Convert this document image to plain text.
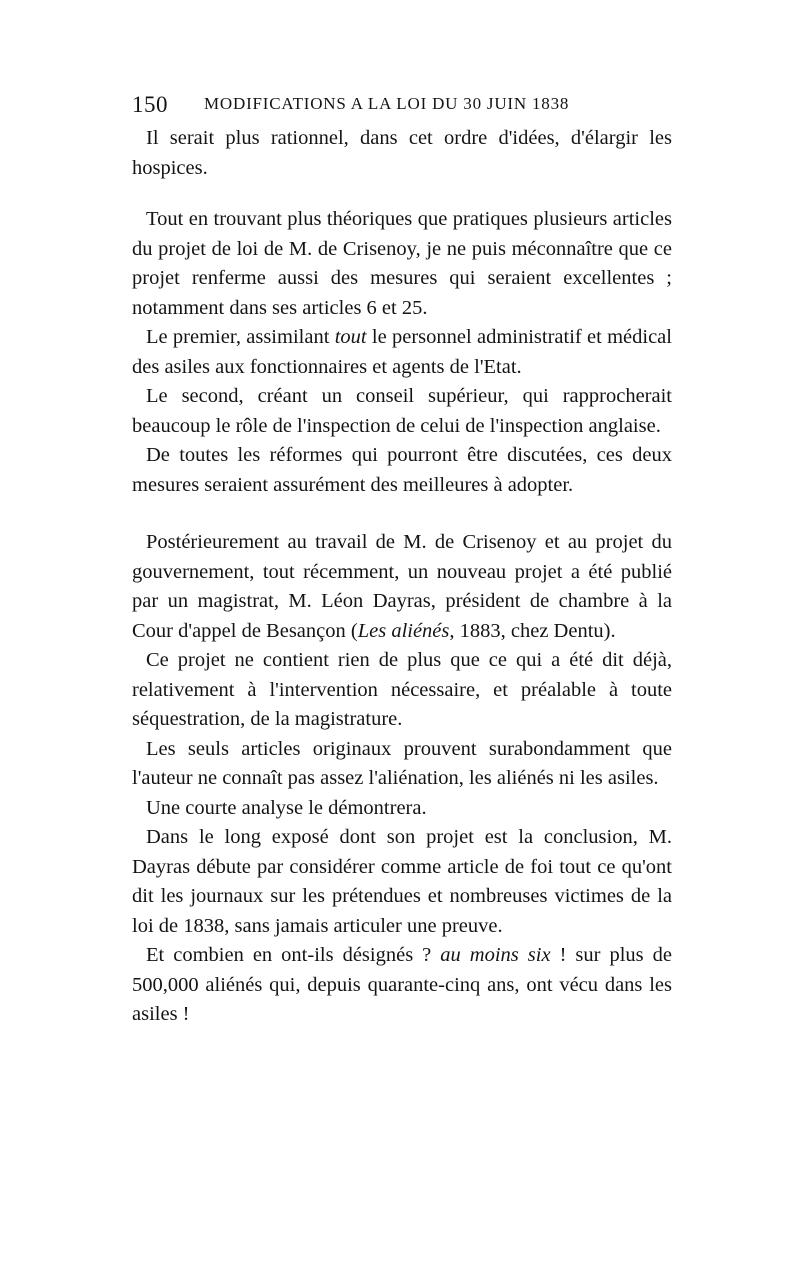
150 MODIFICATIONS A LA LOI DU 30 JUIN 1838

Il serait plus rationnel, dans cet ordre d'idées, d'élargir les hospices.

Tout en trouvant plus théoriques que pratiques plusieurs articles du projet de loi de M. de Crisenoy, je ne puis méconnaître que ce projet renferme aussi des mesures qui seraient excellentes ; notamment dans ses articles 6 et 25.

Le premier, assimilant tout le personnel administratif et médical des asiles aux fonctionnaires et agents de l'Etat.

Le second, créant un conseil supérieur, qui rapprocherait beaucoup le rôle de l'inspection de celui de l'inspection anglaise.

De toutes les réformes qui pourront être discutées, ces deux mesures seraient assurément des meilleures à adopter.

Postérieurement au travail de M. de Crisenoy et au projet du gouvernement, tout récemment, un nouveau projet a été publié par un magistrat, M. Léon Dayras, président de chambre à la Cour d'appel de Besançon (Les aliénés, 1883, chez Dentu).

Ce projet ne contient rien de plus que ce qui a été dit déjà, relativement à l'intervention nécessaire, et préalable à toute séquestration, de la magistrature.

Les seuls articles originaux prouvent surabondamment que l'auteur ne connaît pas assez l'aliénation, les aliénés ni les asiles.

Une courte analyse le démontrera.

Dans le long exposé dont son projet est la conclusion, M. Dayras débute par considérer comme article de foi tout ce qu'ont dit les journaux sur les prétendues et nombreuses victimes de la loi de 1838, sans jamais articuler une preuve.

Et combien en ont-ils désignés ? au moins six ! sur plus de 500,000 aliénés qui, depuis quarante-cinq ans, ont vécu dans les asiles !
